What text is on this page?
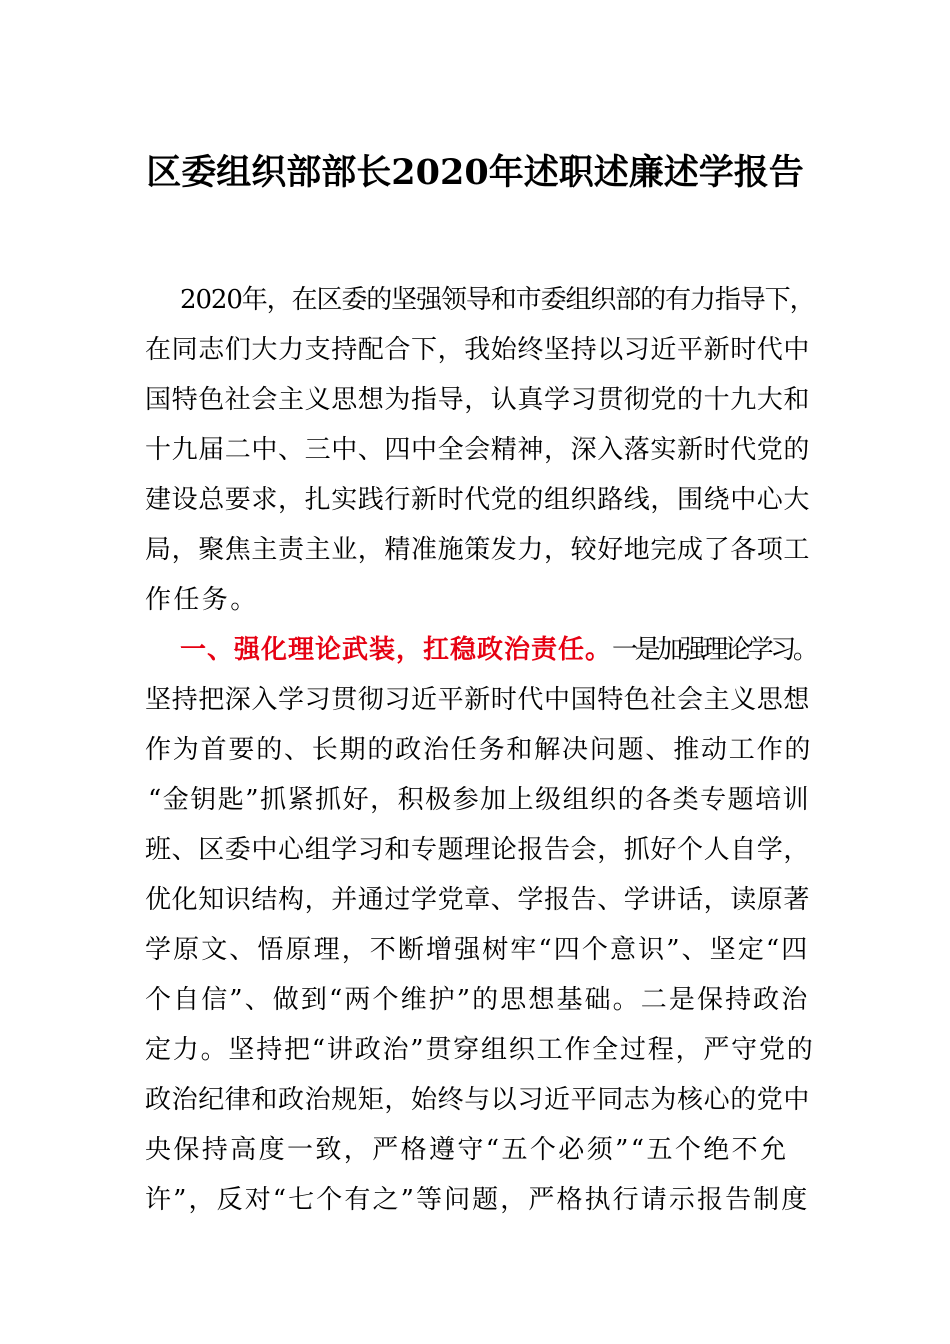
区委组织部部长2020年述职述廉述学报告
2020年，在区委的坚强领导和市委组织部的有力指导下，
在同志们大力支持配合下，我始终坚持以习近平新时代中
国特色社会主义思想为指导，认真学习贯彻党的十九大和
十九届二中、三中、四中全会精神，深入落实新时代党的
建设总要求，扎实践行新时代党的组织路线，围绕中心大
局，聚焦主责主业，精准施策发力，较好地完成了各项工
作任务。
一、强化理论武装，扛稳政治责任。一是加强理论学习。
坚持把深入学习贯彻习近平新时代中国特色社会主义思想
作为首要的、长期的政治任务和解决问题、推动工作的
“金钥匙”抓紧抓好，积极参加上级组织的各类专题培训
班、区委中心组学习和专题理论报告会，抓好个人自学，
优化知识结构，并通过学党章、学报告、学讲话，读原著
学原文、悟原理，不断增强树牢“四个意识”、坚定“四
个自信”、做到“两个维护”的思想基础。二是保持政治
定力。坚持把“讲政治”贯穿组织工作全过程，严守党的
政治纪律和政治规矩，始终与以习近平同志为核心的党中
央保持高度一致，严格遵守“五个必须”“五个绝不允
许”，反对“七个有之”等问题，严格执行请示报告制度
